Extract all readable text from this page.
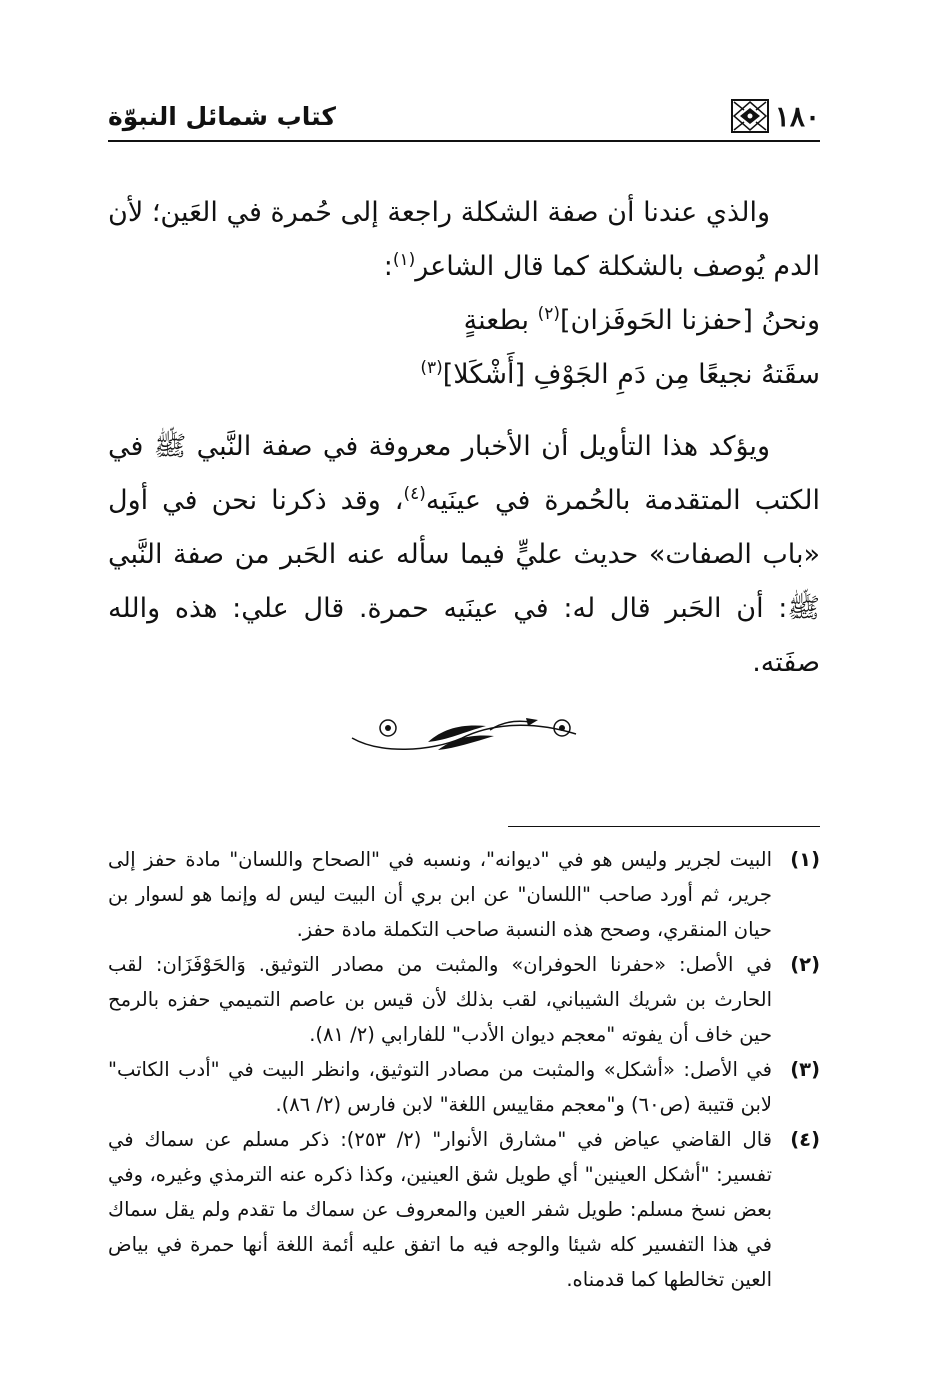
١٨٠
كتاب شمائل النبوّة

والذي عندنا أن صفة الشكلة راجعة إلى حُمرة في العَين؛ لأن الدم يُوصف بالشكلة كما قال الشاعر$^{(١)}$:

ونحنُ [حفزنا الحَوفَزان]$^{(٢)}$ بطعنةٍ

سقَتهُ نجيعًا مِن دَمِ الجَوْفِ [أَشْكَلا]$^{(٣)}$

ويؤكد هذا التأويل أن الأخبار معروفة في صفة النَّبي ﷺ في الكتب المتقدمة بالحُمرة في عينَيه$^{(٤)}$، وقد ذكرنا نحن في أول «باب الصفات» حديث عليٍّ فيما سأله عنه الحَبر من صفة النَّبي ﷺ: أن الحَبر قال له: في عينَيه حمرة. قال علي: هذه والله صفَته.

(١)
البيت لجرير وليس هو في "ديوانه"، ونسبه في "الصحاح واللسان" مادة حفز إلى جرير، ثم أورد صاحب "اللسان" عن ابن بري أن البيت ليس له وإنما هو لسوار بن حيان المنقري، وصحح هذه النسبة صاحب التكملة مادة حفز.
(٢)
في الأصل: «حفرنا الحوفران» والمثبت من مصادر التوثيق. وَالحَوْفَزَان: لقب الحارث بن شريك الشيباني، لقب بذلك لأن قيس بن عاصم التميمي حفزه بالرمح حين خاف أن يفوته "معجم ديوان الأدب" للفارابي (٢/ ٨١).
(٣)
في الأصل: «أشكل» والمثبت من مصادر التوثيق، وانظر البيت في "أدب الكاتب" لابن قتيبة (ص٦٠) و"معجم مقاييس اللغة" لابن فارس (٢/ ٨٦).
(٤)
قال القاضي عياض في "مشارق الأنوار" (٢/ ٢٥٣): ذكر مسلم عن سماك في تفسير: "أشكل العينين" أي طويل شق العينين، وكذا ذكره عنه الترمذي وغيره، وفي بعض نسخ مسلم: طويل شفر العين والمعروف عن سماك ما تقدم ولم يقل سماك في هذا التفسير كله شيئا والوجه فيه ما اتفق عليه أئمة اللغة أنها حمرة في بياض العين تخالطها كما قدمناه.
